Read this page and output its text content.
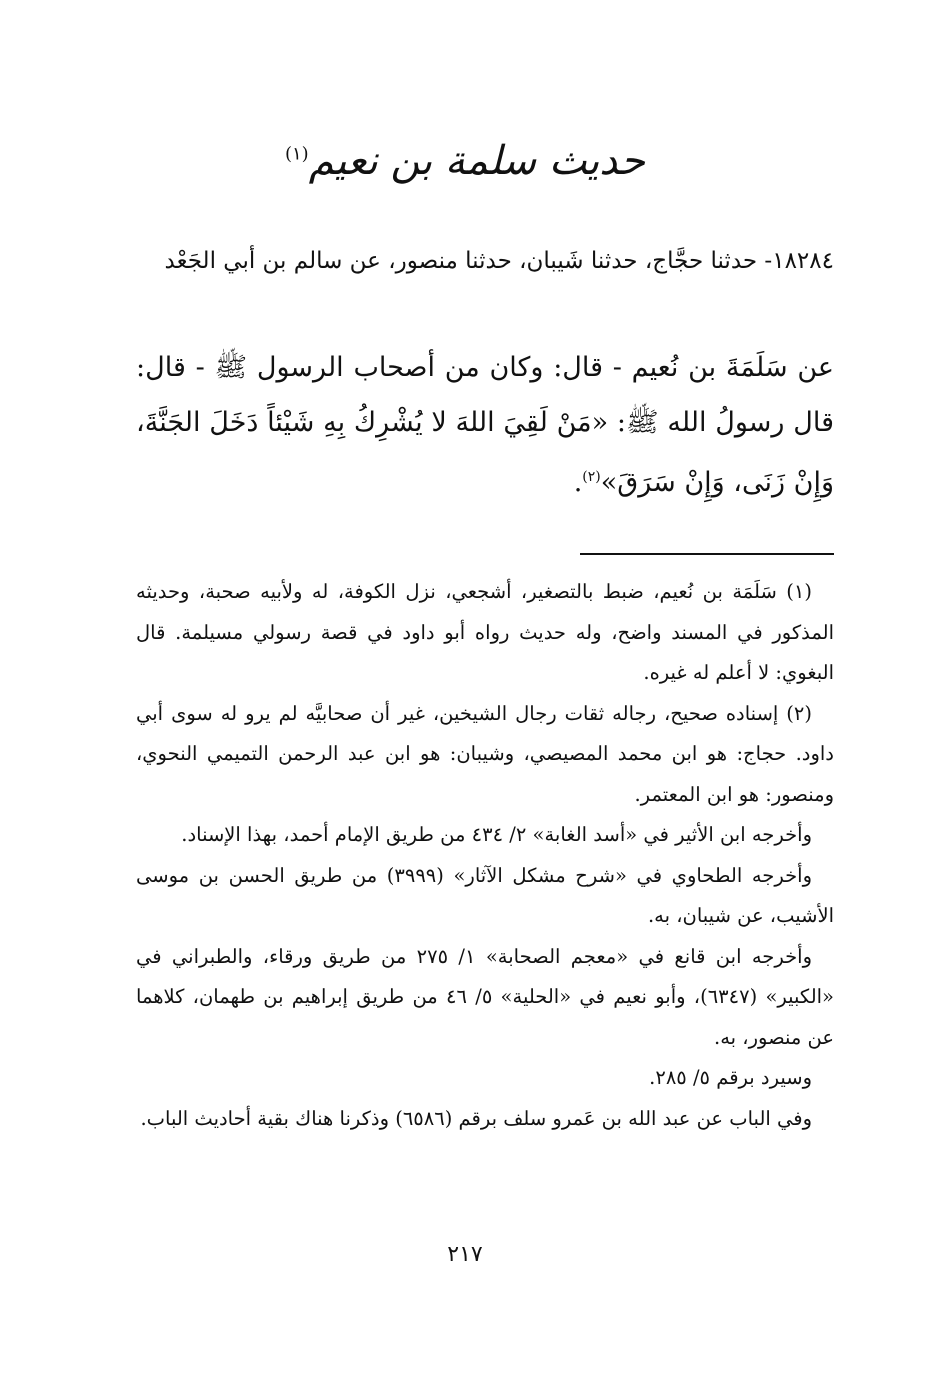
حديث سلمة بن نعيم$^{(١)}$
١٨٢٨٤- حدثنا حجَّاج، حدثنا شَيبان، حدثنا منصور، عن سالم بن أبي الجَعْد
عن سَلَمَةَ بن نُعيم - قال: وكان من أصحاب الرسول ﷺ - قال: قال رسولُ الله ﷺ: «مَنْ لَقِيَ اللهَ لا يُشْرِكُ بِهِ شَيْئاً دَخَلَ الجَنَّةَ، وَإِنْ زَنَى، وَإِنْ سَرَقَ»$^{(٢)}$.

(١) سَلَمَة بن نُعيم، ضبط بالتصغير، أشجعي، نزل الكوفة، له ولأبيه صحبة، وحديثه المذكور في المسند واضح، وله حديث رواه أبو داود في قصة رسولي مسيلمة. قال البغوي: لا أعلم له غيره.

(٢) إسناده صحيح، رجاله ثقات رجال الشيخين، غير أن صحابيَّه لم يرو له سوى أبي داود. حجاج: هو ابن محمد المصيصي، وشيبان: هو ابن عبد الرحمن التميمي النحوي، ومنصور: هو ابن المعتمر.

وأخرجه ابن الأثير في «أسد الغابة» ٢/ ٤٣٤ من طريق الإمام أحمد، بهذا الإسناد.

وأخرجه الطحاوي في «شرح مشكل الآثار» (٣٩٩٩) من طريق الحسن بن موسى الأشيب، عن شيبان، به.

وأخرجه ابن قانع في «معجم الصحابة» ١/ ٢٧٥ من طريق ورقاء، والطبراني في «الكبير» (٦٣٤٧)، وأبو نعيم في «الحلية» ٥/ ٤٦ من طريق إبراهيم بن طهمان، كلاهما عن منصور، به.

وسيرد برقم ٥/ ٢٨٥.

وفي الباب عن عبد الله بن عَمرو سلف برقم (٦٥٨٦) وذكرنا هناك بقية أحاديث الباب.

٢١٧
